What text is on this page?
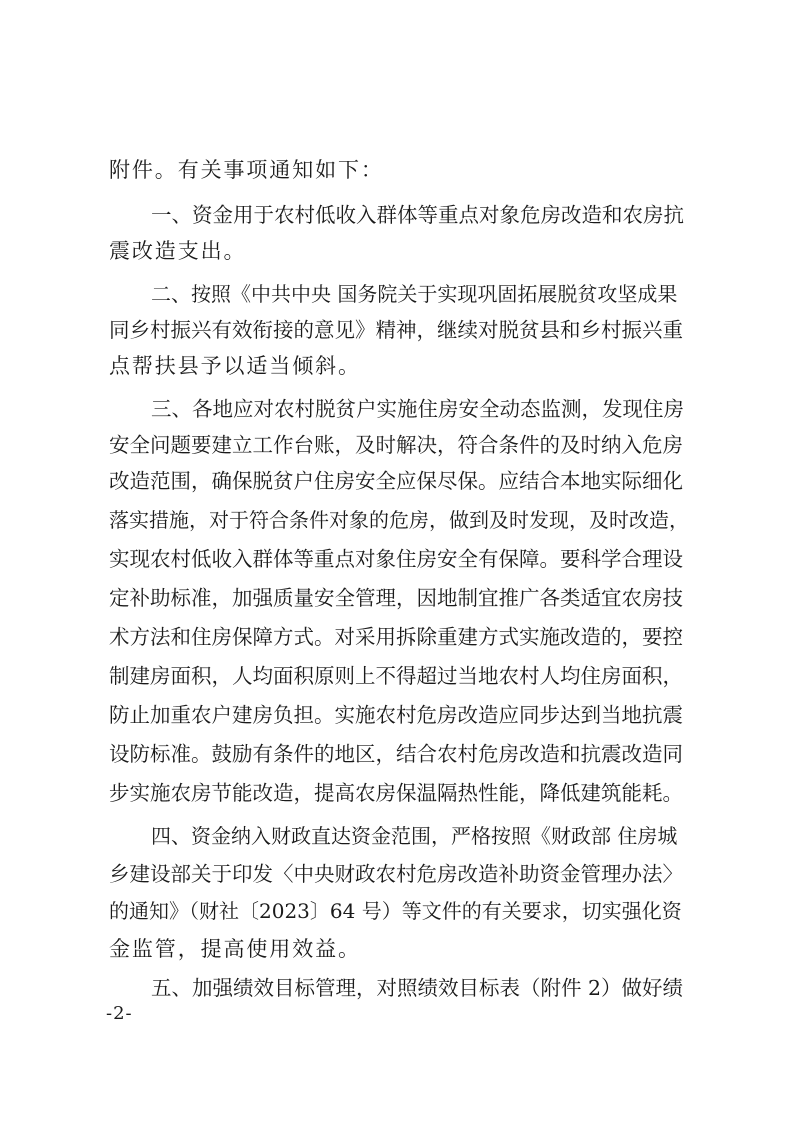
附件。有关事项通知如下：
一、资金用于农村低收入群体等重点对象危房改造和农房抗
震改造支出。
二、按照《中共中央 国务院关于实现巩固拓展脱贫攻坚成果
同乡村振兴有效衔接的意见》精神，继续对脱贫县和乡村振兴重
点帮扶县予以适当倾斜。
三、各地应对农村脱贫户实施住房安全动态监测，发现住房
安全问题要建立工作台账，及时解决，符合条件的及时纳入危房
改造范围，确保脱贫户住房安全应保尽保。应结合本地实际细化
落实措施，对于符合条件对象的危房，做到及时发现，及时改造，
实现农村低收入群体等重点对象住房安全有保障。要科学合理设
定补助标准，加强质量安全管理，因地制宜推广各类适宜农房技
术方法和住房保障方式。对采用拆除重建方式实施改造的，要控
制建房面积，人均面积原则上不得超过当地农村人均住房面积，
防止加重农户建房负担。实施农村危房改造应同步达到当地抗震
设防标准。鼓励有条件的地区，结合农村危房改造和抗震改造同
步实施农房节能改造，提高农房保温隔热性能，降低建筑能耗。
四、资金纳入财政直达资金范围，严格按照《财政部 住房城
乡建设部关于印发〈中央财政农村危房改造补助资金管理办法〉
的通知》（财社〔2023〕64 号）等文件的有关要求，切实强化资
金监管，提高使用效益。
五、加强绩效目标管理，对照绩效目标表（附件 2）做好绩
-2-
